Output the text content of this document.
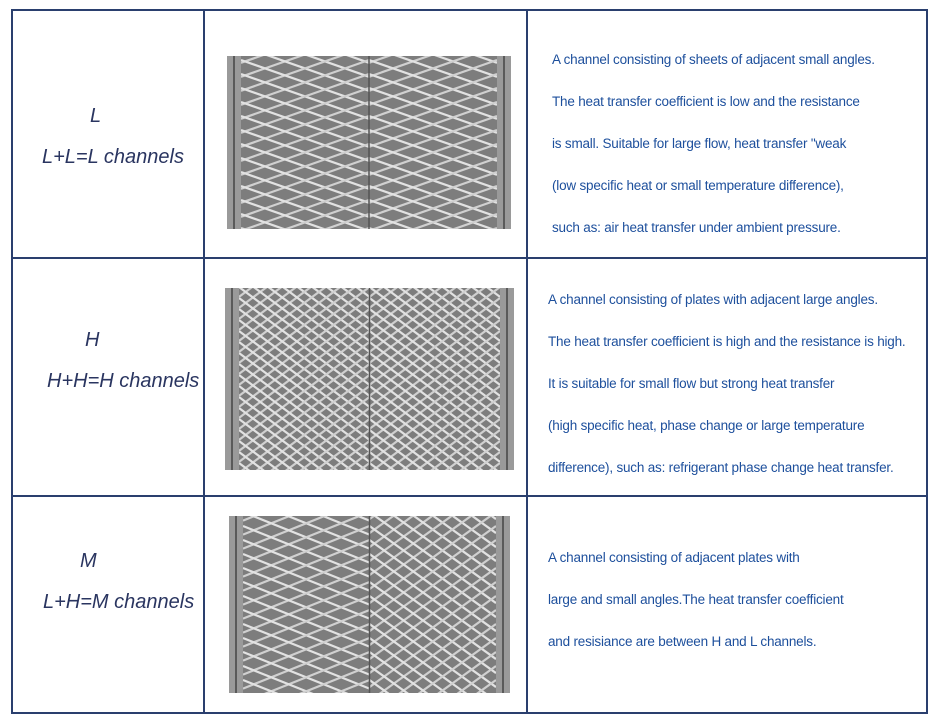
L
L+L=L channels
A channel consisting of sheets of adjacent small angles.
The heat transfer coefficient is low and the resistance
is small. Suitable for large flow, heat transfer "weak
(low specific heat or small temperature difference),
such as: air heat transfer under ambient pressure.
H
H+H=H channels
A channel consisting of plates with adjacent large angles.
The heat transfer coefficient is high and the resistance is high.
It is suitable for small flow but strong heat transfer
(high specific heat, phase change or large temperature
difference), such as: refrigerant phase change heat transfer.
M
L+H=M channels
A channel consisting of adjacent plates with
large and small angles.The heat transfer coefficient
and resisiance are between H and L channels.
